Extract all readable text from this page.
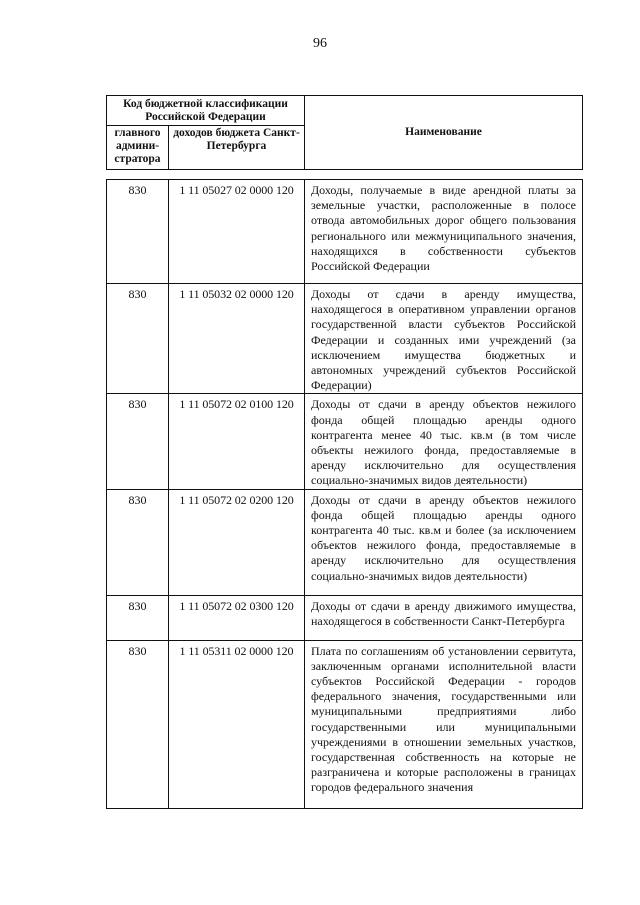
96
Код бюджетной классификации Российской Федерации		Наименование
главного админи-стратора	доходов бюджета Санкт-Петербурга	
830	1 11 05027 02 0000 120	Доходы, получаемые в виде арендной платы за земельные участки, расположенные в полосе отвода автомобильных дорог общего пользования регионального или межмуниципального значения, находящихся в собственности субъектов Российской Федерации
830	1 11 05032 02 0000 120	Доходы от сдачи в аренду имущества, находящегося в оперативном управлении органов государственной власти субъектов Российской Федерации и созданных ими учреждений (за исключением имущества бюджетных и автономных учреждений субъектов Российской Федерации)
830	1 11 05072 02 0100 120	Доходы от сдачи в аренду объектов нежилого фонда общей площадью аренды одного контрагента менее 40 тыс. кв.м (в том числе объекты нежилого фонда, предоставляемые в аренду исключительно для осуществления социально-значимых видов деятельности)
830	1 11 05072 02 0200 120	Доходы от сдачи в аренду объектов нежилого фонда общей площадью аренды одного контрагента 40 тыс. кв.м и более (за исключением объектов нежилого фонда, предоставляемые в аренду исключительно для осуществления социально-значимых видов деятельности)
830	1 11 05072 02 0300 120	Доходы от сдачи в аренду движимого имущества, находящегося в собственности Санкт-Петербурга
830	1 11 05311 02 0000 120	Плата по соглашениям об установлении сервитута, заключенным органами исполнительной власти субъектов Российской Федерации - городов федерального значения, государственными или муниципальными предприятиями либо государственными или муниципальными учреждениями в отношении земельных участков, государственная собственность на которые не разграничена и которые расположены в границах городов федерального значения
